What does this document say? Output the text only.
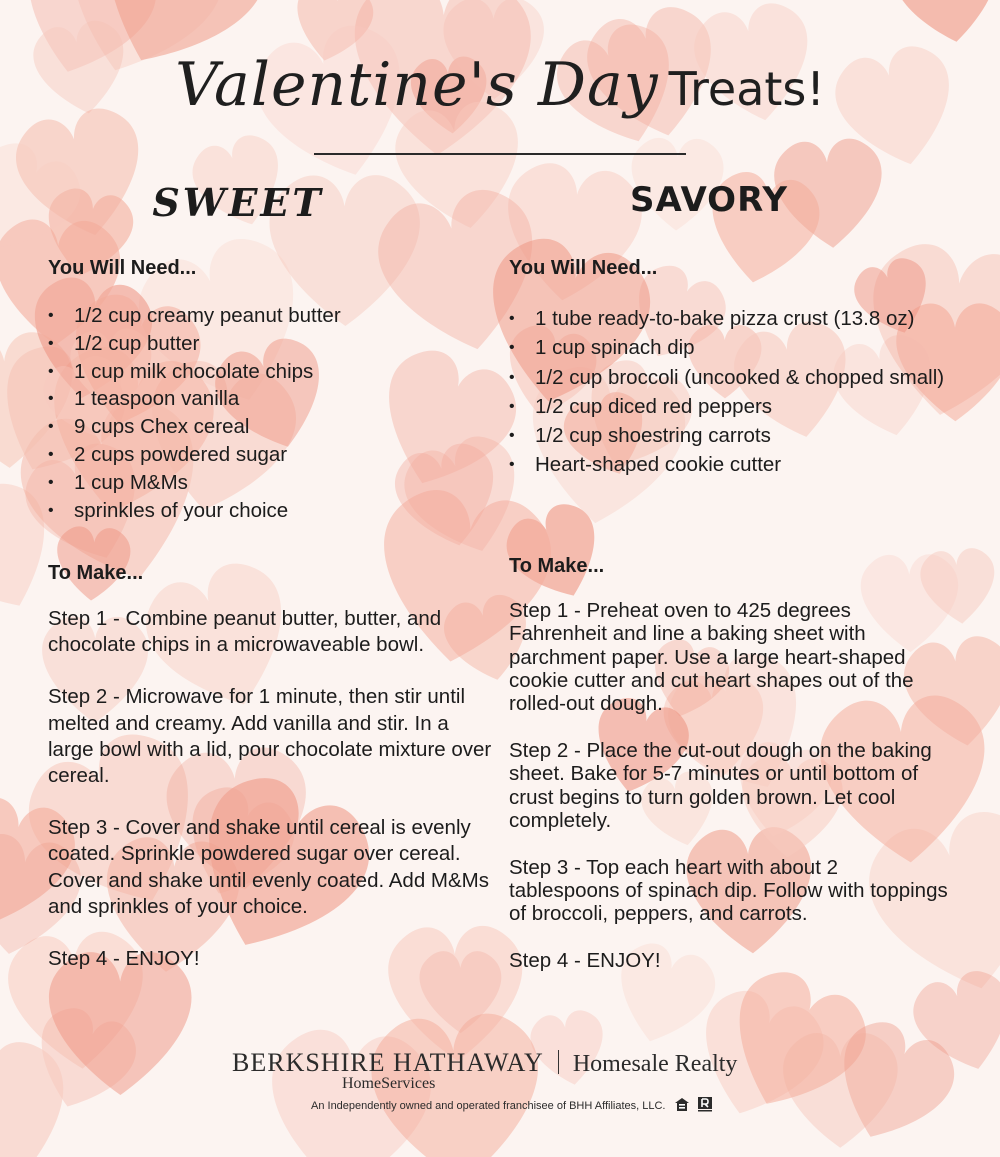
Valentine's Day Treats!
SWEET

You Will Need...

• 1/2 cup creamy peanut butter
• 1/2 cup butter
• 1 cup milk chocolate chips
• 1 teaspoon vanilla
• 9 cups Chex cereal
• 2 cups powdered sugar
• 1 cup M&Ms
• sprinkles of your choice

To Make...

Step 1 - Combine peanut butter, butter, and chocolate chips in a microwaveable bowl.

Step 2 - Microwave for 1 minute, then stir until melted and creamy. Add vanilla and stir. In a large bowl with a lid, pour chocolate mixture over cereal.

Step 3 - Cover and shake until cereal is evenly coated. Sprinkle powdered sugar over cereal. Cover and shake until evenly coated. Add M&Ms and sprinkles of your choice.

Step 4 - ENJOY!

SAVORY

You Will Need...

• 1 tube ready-to-bake pizza crust (13.8 oz)
• 1 cup spinach dip
• 1/2 cup broccoli (uncooked & chopped small)
• 1/2 cup diced red peppers
• 1/2 cup shoestring carrots
• Heart-shaped cookie cutter

To Make...

Step 1 - Preheat oven to 425 degrees Fahrenheit and line a baking sheet with parchment paper. Use a large heart-shaped cookie cutter and cut heart shapes out of the rolled-out dough.

Step 2 - Place the cut-out dough on the baking sheet. Bake for 5-7 minutes or until bottom of crust begins to turn golden brown. Let cool completely.

Step 3 - Top each heart with about 2 tablespoons of spinach dip. Follow with toppings of broccoli, peppers, and carrots.

Step 4 - ENJOY!

BERKSHIRE HATHAWAY Homesale Realty
HomeServices
An Independently owned and operated franchisee of BHH Affiliates, LLC.
